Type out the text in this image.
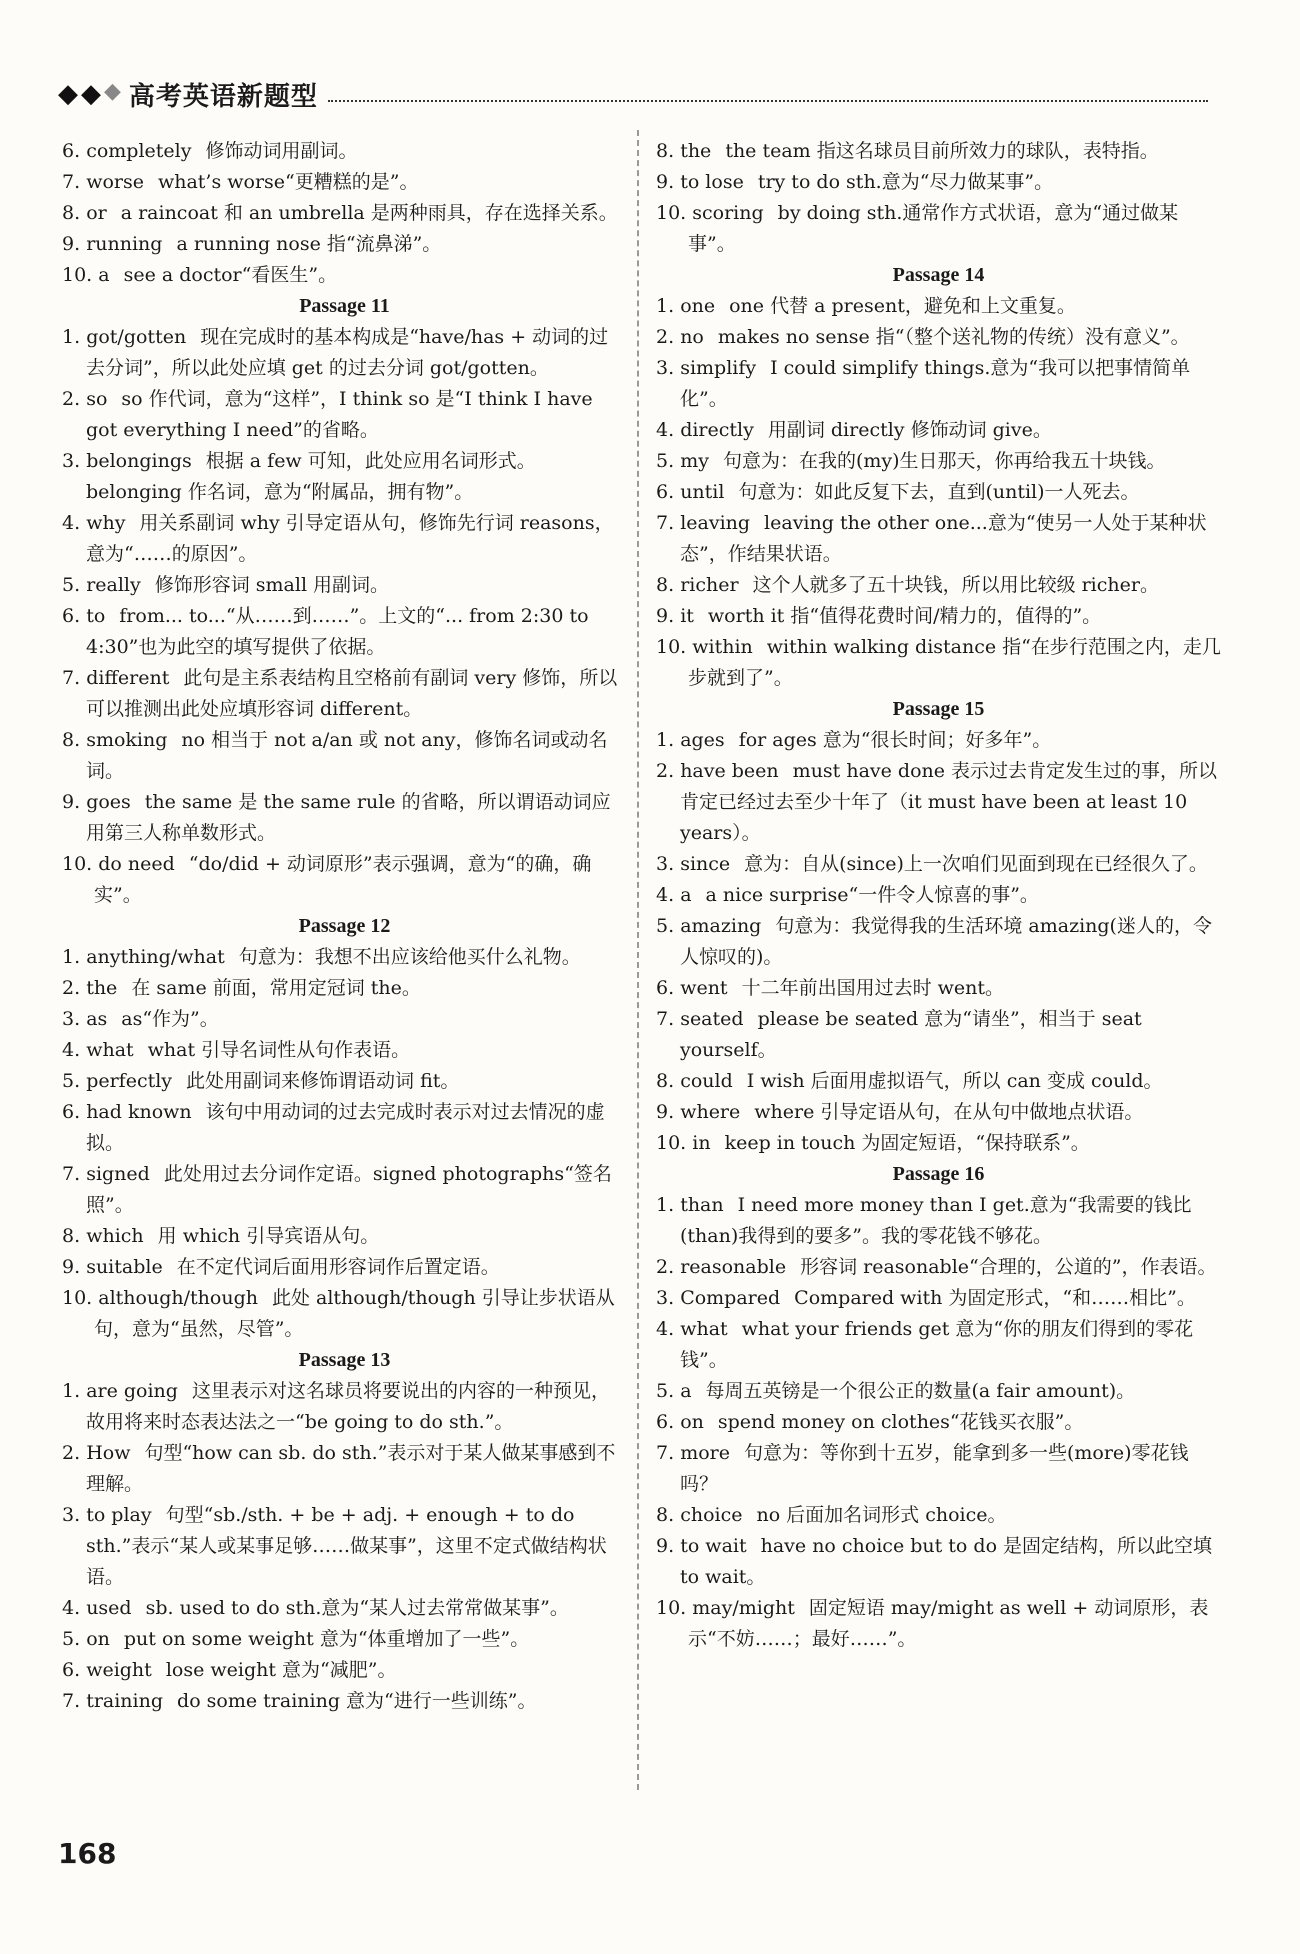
◆ ◆ ◆ 高考英语新题型
6. completely 修饰动词用副词。
7. worse what’s worse“更糟糕的是”。
8. or a raincoat 和 an umbrella 是两种雨具，存在选择关系。
9. running a running nose 指“流鼻涕”。
10. a see a doctor“看医生”。
Passage 11
1. got/gotten 现在完成时的基本构成是“have/has + 动词的过去分词”，所以此处应填 get 的过去分词 got/gotten。
2. so so 作代词，意为“这样”，I think so 是“I think I have got everything I need”的省略。
3. belongings 根据 a few 可知，此处应用名词形式。belonging 作名词，意为“附属品，拥有物”。
4. why 用关系副词 why 引导定语从句，修饰先行词 reasons，意为“……的原因”。
5. really 修饰形容词 small 用副词。
6. to from... to...“从……到……”。上文的“... from 2:30 to 4:30”也为此空的填写提供了依据。
7. different 此句是主系表结构且空格前有副词 very 修饰，所以可以推测出此处应填形容词 different。
8. smoking no 相当于 not a/an 或 not any，修饰名词或动名词。
9. goes the same 是 the same rule 的省略，所以谓语动词应用第三人称单数形式。
10. do need “do/did + 动词原形”表示强调，意为“的确，确实”。
Passage 12
1. anything/what 句意为：我想不出应该给他买什么礼物。
2. the 在 same 前面，常用定冠词 the。
3. as as“作为”。
4. what what 引导名词性从句作表语。
5. perfectly 此处用副词来修饰谓语动词 fit。
6. had known 该句中用动词的过去完成时表示对过去情况的虚拟。
7. signed 此处用过去分词作定语。signed photographs“签名照”。
8. which 用 which 引导宾语从句。
9. suitable 在不定代词后面用形容词作后置定语。
10. although/though 此处 although/though 引导让步状语从句，意为“虽然，尽管”。
Passage 13
1. are going 这里表示对这名球员将要说出的内容的一种预见，故用将来时态表达法之一“be going to do sth.”。
2. How 句型“how can sb. do sth.”表示对于某人做某事感到不理解。
3. to play 句型“sb./sth. + be + adj. + enough + to do sth.”表示“某人或某事足够……做某事”，这里不定式做结构状语。
4. used sb. used to do sth.意为“某人过去常常做某事”。
5. on put on some weight 意为“体重增加了一些”。
6. weight lose weight 意为“减肥”。
7. training do some training 意为“进行一些训练”。
8. the the team 指这名球员目前所效力的球队，表特指。
9. to lose try to do sth.意为“尽力做某事”。
10. scoring by doing sth.通常作方式状语，意为“通过做某事”。
Passage 14
1. one one 代替 a present，避免和上文重复。
2. no makes no sense 指“（整个送礼物的传统）没有意义”。
3. simplify I could simplify things.意为“我可以把事情简单化”。
4. directly 用副词 directly 修饰动词 give。
5. my 句意为：在我的(my)生日那天，你再给我五十块钱。
6. until 句意为：如此反复下去，直到(until)一人死去。
7. leaving leaving the other one...意为“使另一人处于某种状态”，作结果状语。
8. richer 这个人就多了五十块钱，所以用比较级 richer。
9. it worth it 指“值得花费时间/精力的，值得的”。
10. within within walking distance 指“在步行范围之内，走几步就到了”。
Passage 15
1. ages for ages 意为“很长时间；好多年”。
2. have been must have done 表示过去肯定发生过的事，所以肯定已经过去至少十年了（it must have been at least 10 years）。
3. since 意为：自从(since)上一次咱们见面到现在已经很久了。
4. a a nice surprise“一件令人惊喜的事”。
5. amazing 句意为：我觉得我的生活环境 amazing(迷人的，令人惊叹的)。
6. went 十二年前出国用过去时 went。
7. seated please be seated 意为“请坐”，相当于 seat yourself。
8. could I wish 后面用虚拟语气，所以 can 变成 could。
9. where where 引导定语从句，在从句中做地点状语。
10. in keep in touch 为固定短语，“保持联系”。
Passage 16
1. than I need more money than I get.意为“我需要的钱比(than)我得到的要多”。我的零花钱不够花。
2. reasonable 形容词 reasonable“合理的，公道的”，作表语。
3. Compared Compared with 为固定形式，“和……相比”。
4. what what your friends get 意为“你的朋友们得到的零花钱”。
5. a 每周五英镑是一个很公正的数量(a fair amount)。
6. on spend money on clothes“花钱买衣服”。
7. more 句意为：等你到十五岁，能拿到多一些(more)零花钱吗？
8. choice no 后面加名词形式 choice。
9. to wait have no choice but to do 是固定结构，所以此空填 to wait。
10. may/might 固定短语 may/might as well + 动词原形，表示“不妨……；最好……”。
168
